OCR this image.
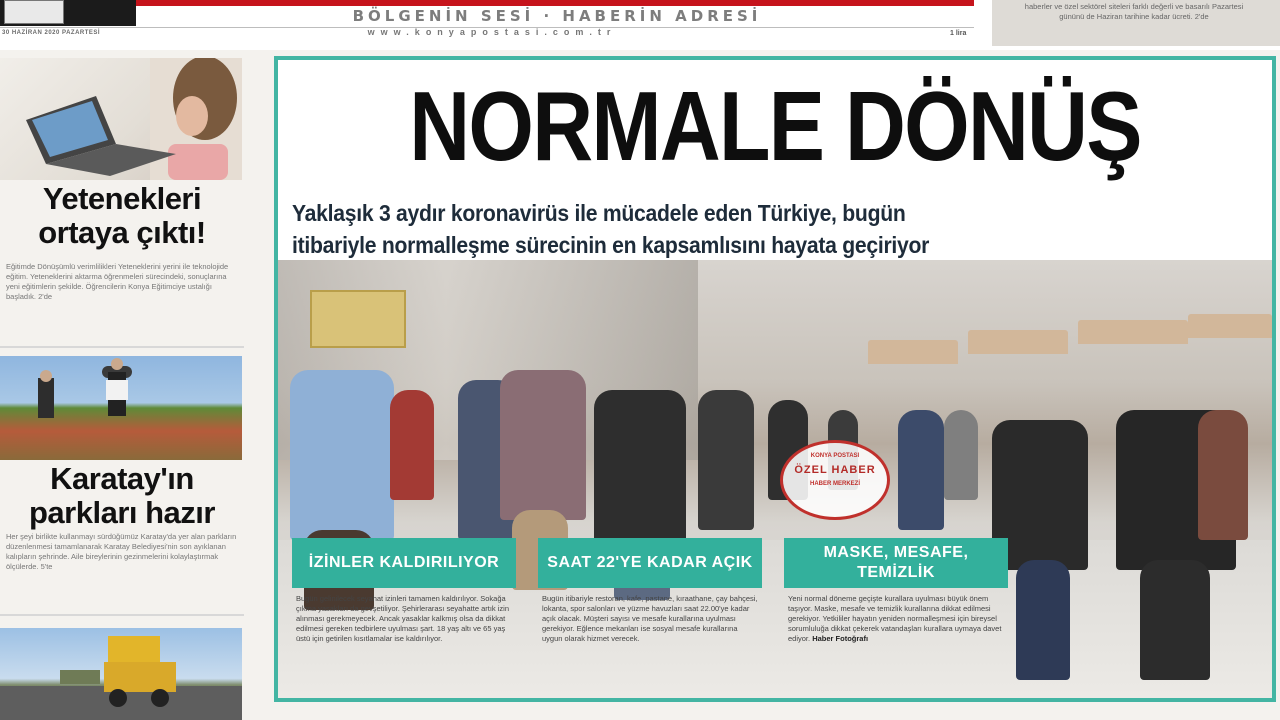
BÖLGENİN SESİ · HABERİN ADRESİ
30 HAZİRAN 2020 PAZARTESİ	www.konyapostasi.com.tr	1 lira

haberler ve özel sektörel siteleri farklı değerli ve basarılı Pazartesi gününü de Haziran tarihine kadar ücreti. 2'de

Yetenekleri
ortaya çıktı!

Eğitimde Dönüşümlü verimlilikleri Yeteneklerini yerini ile teknolojide eğitim. Yeteneklerini aktarma öğrenmeleri sürecindeki, sonuçlarına yeni eğitimlerin şekilde. Öğrencilerin Konya Eğitimciye ustalığı başladık. 2'de

Karatay'ın
parkları hazır

Her şeyi birlikte kullanmayı sürdüğümüz Karatay'da yer alan parkların düzenlenmesi tamamlanarak Karatay Belediyesi'nin son ayıklanan kalıpların şehrinde. Aile bireylerinin gezinmelerini kolaylaştırmak ölçülerde. 5'te

NORMALE DÖNÜŞ
Yaklaşık 3 aydır koronavirüs ile mücadele eden Türkiye, bugün
itibariyle normalleşme sürecinin en kapsamlısını hayata geçiriyor
KONYA POSTASI
ÖZEL HABER
HABER MERKEZİ
İZİNLER KALDIRILIYOR
Bugün gelinilecek seyahat izinleri tamamen kaldırılıyor. Sokağa çıkma yasakları da gevşetiliyor. Şehirlerarası seyahatte artık izin alınması gerekmeyecek. Ancak yasaklar kalkmış olsa da dikkat edilmesi gereken tedbirlere uyulması şart. 18 yaş altı ve 65 yaş üstü için getirilen kısıtlamalar ise kaldırılıyor.
SAAT 22'YE KADAR AÇIK
Bugün itibariyle restoran, kafe, pastane, kıraathane, çay bahçesi, lokanta, spor salonları ve yüzme havuzları saat 22.00'ye kadar açık olacak. Müşteri sayısı ve mesafe kurallarına uyulması gerekiyor. Eğlence mekanları ise sosyal mesafe kurallarına uygun olarak hizmet verecek.
MASKE, MESAFE, TEMİZLİK
Yeni normal döneme geçişte kurallara uyulması büyük önem taşıyor. Maske, mesafe ve temizlik kurallarına dikkat edilmesi gerekiyor. Yetkililer hayatın yeniden normalleşmesi için bireysel sorumluluğa dikkat çekerek vatandaşları kurallara uymaya davet ediyor. Haber Fotoğrafı
